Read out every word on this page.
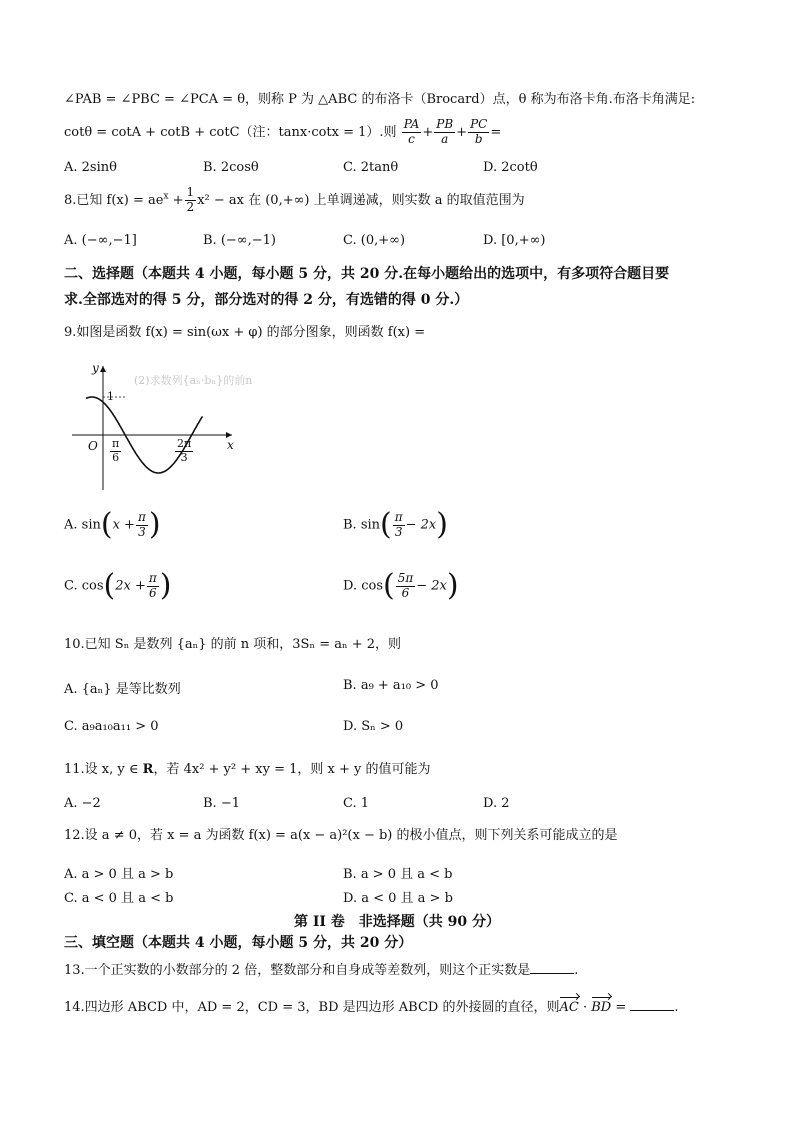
∠PAB = ∠PBC = ∠PCA = θ，则称 P 为 △ABC 的布洛卡（Brocard）点，θ 称为布洛卡角.布洛卡角满足:
cotθ = cotA + cotB + cotC（注：tanx·cotx = 1）.则 $\frac{PA}{c} + \frac{PB}{a} + \frac{PC}{b}$ =
A. 2sinθ	B. 2cosθ	C. 2tanθ	D. 2cotθ
8.已知 $f(x) = ae^x + \frac{1}{2} x^2$ − ax 在 (0,+∞) 上单调递减，则实数 a 的取值范围为
A. (−∞,−1]	B. (−∞,−1)	C. (0,+∞)	D. [0,+∞)
二、选择题（本题共 4 小题，每小题 5 分，共 20 分.在每小题给出的选项中，有多项符合题目要
求.全部选对的得 5 分，部分选对的得 2 分，有选错的得 0 分.）
9.如图是函数 f(x) = sin(ωx + φ) 的部分图象，则函数 f(x) =
(2)求数列{aₙ·bₙ}的前n
y
x
O
1
$\frac{\pi}{6}$	$\frac{2\pi}{3}$
A. $\sin(x + \frac{\pi}{3}$ )	B. $\sin( \frac{\pi}{3} - 2x)$
C. $\cos(2x + \frac{\pi}{6}$ )	D. $\cos( \frac{5\pi}{6} - 2x)$
10.已知 Sₙ 是数列 {aₙ} 的前 n 项和，3Sₙ = aₙ + 2，则
A. {aₙ} 是等比数列	B. a₉ + a₁₀ > 0
C. a₉a₁₀a₁₁ > 0	D. Sₙ > 0
11.设 x, y ∈ R，若 4x² + y² + xy = 1，则 x + y 的值可能为
A. −2	B. −1	C. 1	D. 2
12.设 a ≠ 0，若 x = a 为函数 f(x) = a(x − a)²(x − b) 的极小值点，则下列关系可能成立的是
A. a > 0 且 a > b	B. a > 0 且 a < b
C. a < 0 且 a < b	D. a < 0 且 a > b
第 II 卷　非选择题（共 90 分）
三、填空题（本题共 4 小题，每小题 5 分，共 20 分）
13.一个正实数的小数部分的 2 倍，整数部分和自身成等差数列，则这个正实数是	.
14.四边形 ABCD 中，AD = 2，CD = 3，BD 是四边形 ABCD 的外接圆的直径，则AC · BD =	.
